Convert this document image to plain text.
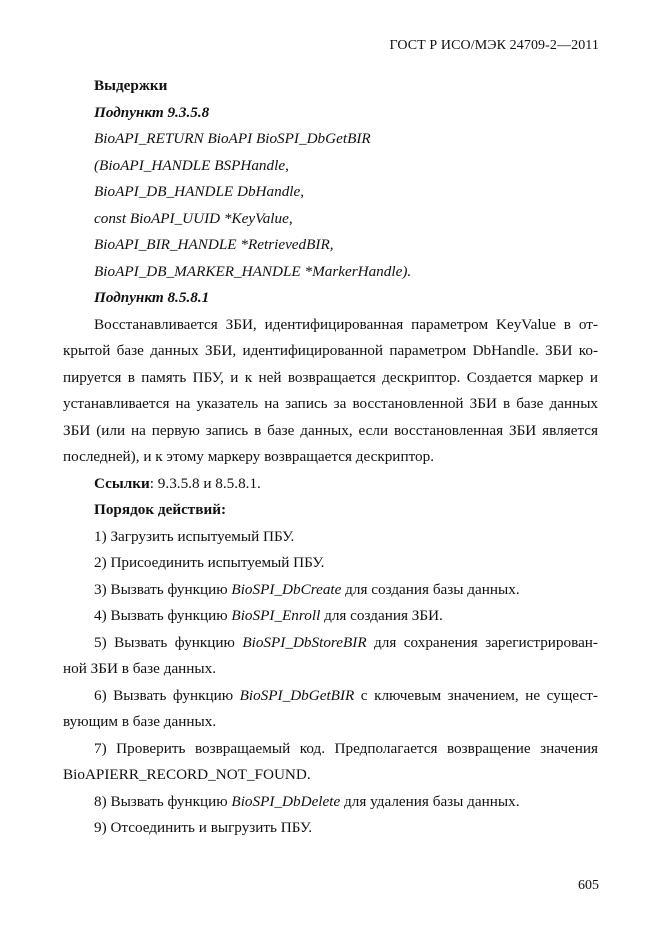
ГОСТ Р ИСО/МЭК 24709-2—2011
Выдержки
Подпункт 9.3.5.8
BioAPI_RETURN BioAPI BioSPI_DbGetBIR
(BioAPI_HANDLE BSPHandle,
BioAPI_DB_HANDLE DbHandle,
const BioAPI_UUID *KeyValue,
BioAPI_BIR_HANDLE *RetrievedBIR,
BioAPI_DB_MARKER_HANDLE *MarkerHandle).
Подпункт 8.5.8.1
Восстанавливается ЗБИ, идентифицированная параметром KeyValue в от-
крытой базе данных ЗБИ, идентифицированной параметром DbHandle. ЗБИ ко-
пируется в память ПБУ, и к ней возвращается дескриптор. Создается маркер и
устанавливается на указатель на запись за восстановленной ЗБИ в базе данных
ЗБИ (или на первую запись в базе данных, если восстановленная ЗБИ является
последней), и к этому маркеру возвращается дескриптор.
Ссылки: 9.3.5.8 и 8.5.8.1.
Порядок действий:
1) Загрузить испытуемый ПБУ.
2) Присоединить испытуемый ПБУ.
3) Вызвать функцию BioSPI_DbCreate для создания базы данных.
4) Вызвать функцию BioSPI_Enroll для создания ЗБИ.
5) Вызвать функцию BioSPI_DbStoreBIR для сохранения зарегистрирован-
ной ЗБИ в базе данных.
6) Вызвать функцию BioSPI_DbGetBIR с ключевым значением, не сущест-
вующим в базе данных.
7) Проверить возвращаемый код. Предполагается возвращение значения
BioAPIERR_RECORD_NOT_FOUND.
8) Вызвать функцию BioSPI_DbDelete для удаления базы данных.
9) Отсоединить и выгрузить ПБУ.
605
